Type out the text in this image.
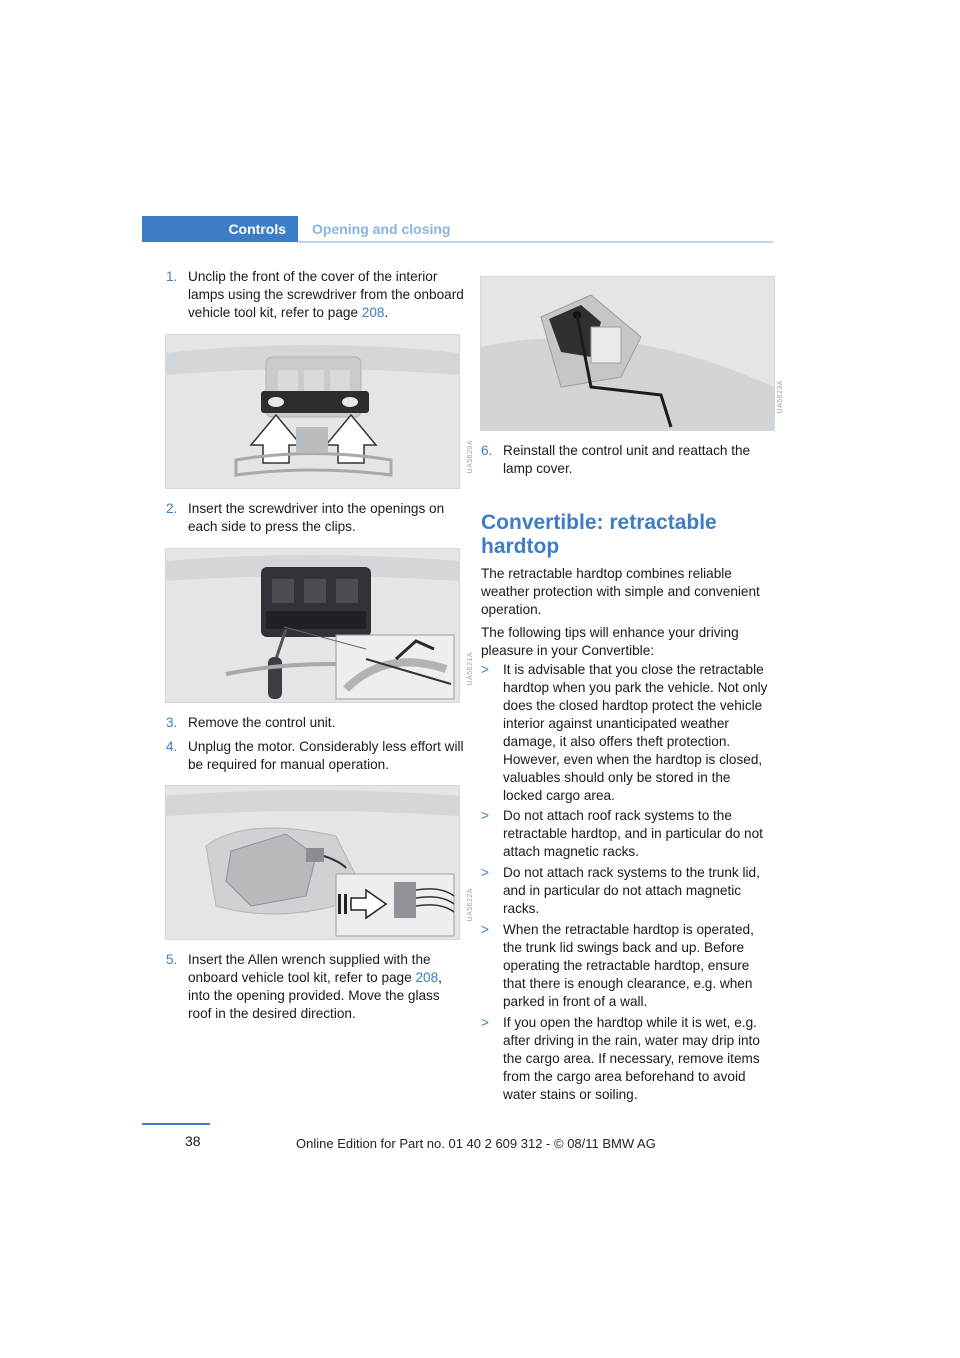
Controls Opening and closing
1. Unclip the front of the cover of the interior lamps using the screwdriver from the onboard vehicle tool kit, refer to page 208.
UA5620A
2. Insert the screwdriver into the openings on each side to press the clips.
UA5621A
3. Remove the control unit.
4. Unplug the motor. Considerably less effort will be required for manual operation.
UA5622A
5. Insert the Allen wrench supplied with the onboard vehicle tool kit, refer to page 208, into the opening provided. Move the glass roof in the desired direction.
UA5623A
6. Reinstall the control unit and reattach the lamp cover.
Convertible: retractable hardtop
The retractable hardtop combines reliable weather protection with simple and convenient operation.
The following tips will enhance your driving pleasure in your Convertible:
> It is advisable that you close the retractable hardtop when you park the vehicle. Not only does the closed hardtop protect the vehicle interior against unanticipated weather damage, it also offers theft protection. However, even when the hardtop is closed, valuables should only be stored in the locked cargo area.
> Do not attach roof rack systems to the retractable hardtop, and in particular do not attach magnetic racks.
> Do not attach rack systems to the trunk lid, and in particular do not attach magnetic racks.
> When the retractable hardtop is operated, the trunk lid swings back and up. Before operating the retractable hardtop, ensure that there is enough clearance, e.g. when parked in front of a wall.
> If you open the hardtop while it is wet, e.g. after driving in the rain, water may drip into the cargo area. If necessary, remove items from the cargo area beforehand to avoid water stains or soiling.
38	Online Edition for Part no. 01 40 2 609 312 - © 08/11 BMW AG
